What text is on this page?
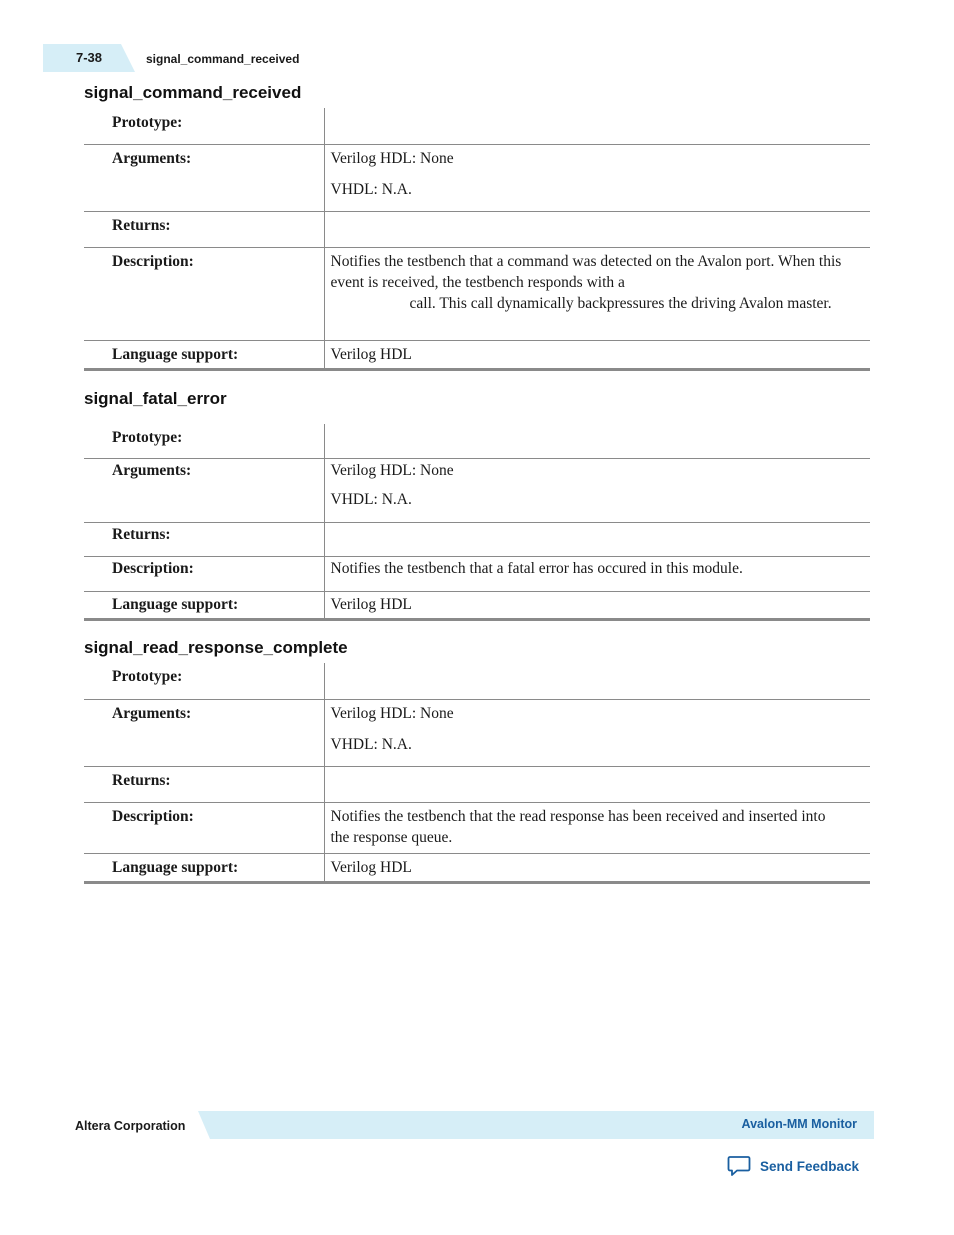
7-38	signal_command_received
signal_command_received
Prototype:	
Arguments:	Verilog HDL: None
VHDL: N.A.

Returns:	
Description:	Notifies the testbench that a command was detected on the Avalon port. When this event is received, the testbench responds with a
call. This call dynamically backpressures the driving Avalon master.
Language support:	Verilog HDL
signal_fatal_error
Prototype:	
Arguments:	Verilog HDL: None
VHDL: N.A.

Returns:	
Description:	Notifies the testbench that a fatal error has occured in this module.
Language support:	Verilog HDL
signal_read_response_complete
Prototype:	
Arguments:	Verilog HDL: None
VHDL: N.A.

Returns:	
Description:	Notifies the testbench that the read response has been received and inserted into the response queue.
Language support:	Verilog HDL
Altera Corporation	Avalon-MM Monitor
Send Feedback
